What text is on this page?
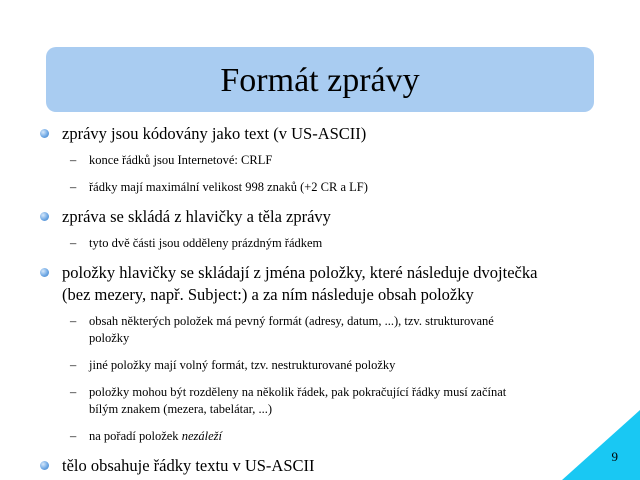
Formát zprávy
zprávy jsou kódovány jako text (v US-ASCII)
– konce řádků jsou Internetové: CRLF
– řádky mají maximální velikost 998 znaků (+2 CR a LF)
zpráva se skládá z hlavičky a těla zprávy
– tyto dvě části jsou odděleny prázdným řádkem
položky hlavičky se skládají z jména položky, které následuje dvojtečka
(bez mezery, např. Subject:) a za ním následuje obsah položky
– obsah některých položek má pevný formát (adresy, datum, ...), tzv. strukturované
položky
– jiné položky mají volný formát, tzv. nestrukturované položky
– položky mohou být rozděleny na několik řádek, pak pokračující řádky musí začínat
bílým znakem (mezera, tabelátar, ...)
– na pořadí položek nezáleží
tělo obsahuje řádky textu v US-ASCII	9
